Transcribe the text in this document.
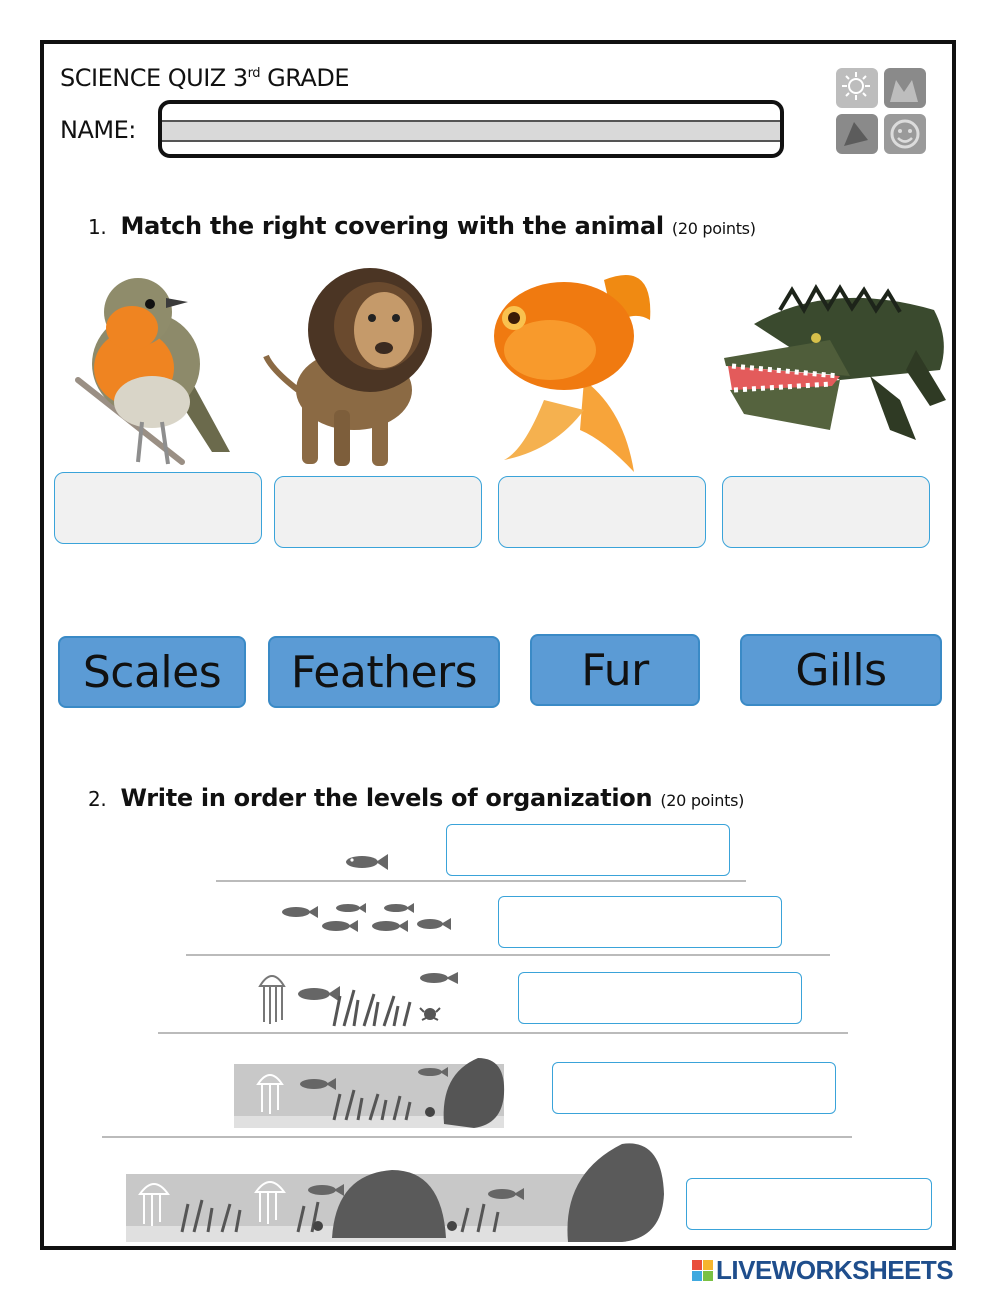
SCIENCE QUIZ 3rd GRADE
NAME:
1. Match the right covering with the animal (20 points)
Scales	Feathers	Fur	Gills
2. Write in order the levels of organization (20 points)
LIVEWORKSHEETS
